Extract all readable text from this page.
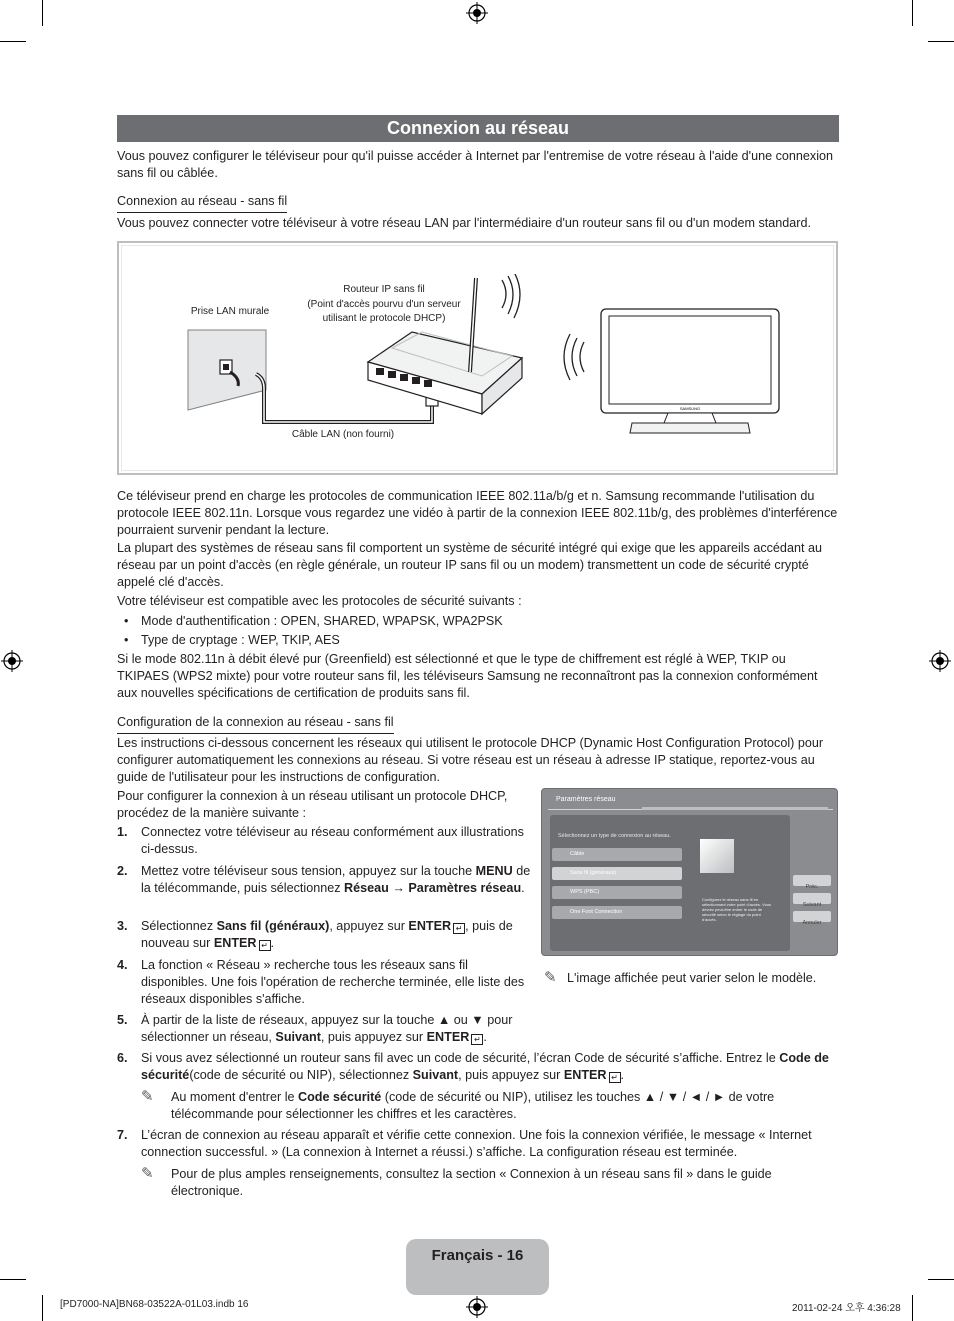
Connexion au réseau
Vous pouvez configurer le téléviseur pour qu'il puisse accéder à Internet par l'entremise de votre réseau à l'aide d'une connexion sans fil ou câblée.
Connexion au réseau - sans fil
Vous pouvez connecter votre téléviseur à votre réseau LAN par l'intermédiaire d'un routeur sans fil ou d'un modem standard.
Prise LAN murale
Routeur IP sans fil
(Point d'accès pourvu d'un serveur
utilisant le protocole DHCP)
Câble LAN (non fourni)
SAMSUNG
Ce téléviseur prend en charge les protocoles de communication IEEE 802.11a/b/g et n. Samsung recommande l'utilisation du protocole IEEE 802.11n. Lorsque vous regardez une vidéo à partir de la connexion IEEE 802.11b/g, des problèmes d'interférence pourraient survenir pendant la lecture.
La plupart des systèmes de réseau sans fil comportent un système de sécurité intégré qui exige que les appareils accédant au réseau par un point d'accès (en règle générale, un routeur IP sans fil ou un modem) transmettent un code de sécurité crypté appelé clé d'accès.
Votre téléviseur est compatible avec les protocoles de sécurité suivants :
• Mode d'authentification : OPEN, SHARED, WPAPSK, WPA2PSK
• Type de cryptage : WEP, TKIP, AES
Si le mode 802.11n à débit élevé pur (Greenfield) est sélectionné et que le type de chiffrement est réglé à WEP, TKIP ou TKIPAES (WPS2 mixte) pour votre routeur sans fil, les téléviseurs Samsung ne reconnaîtront pas la connexion conformément aux nouvelles spécifications de certification de produits sans fil.
Configuration de la connexion au réseau - sans fil
Les instructions ci-dessous concernent les réseaux qui utilisent le protocole DHCP (Dynamic Host Configuration Protocol) pour configurer automatiquement les connexions au réseau. Si votre réseau est un réseau à adresse IP statique, reportez-vous au guide de l'utilisateur pour les instructions de configuration.
Pour configurer la connexion à un réseau utilisant un protocole DHCP, procédez de la manière suivante :
1. Connectez votre téléviseur au réseau conformément aux illustrations ci-dessus.
2. Mettez votre téléviseur sous tension, appuyez sur la touche MENU de la télécommande, puis sélectionnez Réseau → Paramètres réseau.
3. Sélectionnez Sans fil (généraux), appuyez sur ENTER ↵ , puis de nouveau sur ENTER ↵ .
4. La fonction « Réseau » recherche tous les réseaux sans fil disponibles. Une fois l'opération de recherche terminée, elle liste des réseaux disponibles s'affiche.
5. À partir de la liste de réseaux, appuyez sur la touche ▲ ou ▼ pour sélectionner un réseau, Suivant, puis appuyez sur ENTER ↵ .
6. Si vous avez sélectionné un routeur sans fil avec un code de sécurité, l’écran Code de sécurité s’affiche. Entrez le Code de sécurité(code de sécurité ou NIP), sélectionnez Suivant, puis appuyez sur ENTER ↵ .
✎ Au moment d'entrer le Code sécurité (code de sécurité ou NIP), utilisez les touches ▲ / ▼ / ◄ / ► de votre télécommande pour sélectionner les chiffres et les caractères.
7. L’écran de connexion au réseau apparaît et vérifie cette connexion. Une fois la connexion vérifiée, le message « Internet connection successful. » (La connexion à Internet a réussi.) s’affiche. La configuration réseau est terminée.
✎ Pour de plus amples renseignements, consultez la section « Connexion à un réseau sans fil » dans le guide électronique.
Paramètres réseau
Sélectionnez un type de connexion au réseau.
Câble
Sans fil (généraux)
WPS (PBC)
One Foot Connection
Configurez le réseau sans fil en sélectionnant votre point d'accès. Vous devrez peut-être entrer le code de sécurité selon le réglage du point d'accès.
Préc.
Suivant
Annuler
✎ L'image affichée peut varier selon le modèle.
Français - 16
[PD7000-NA]BN68-03522A-01L03.indb 16	2011-02-24 오후 4:36:28
